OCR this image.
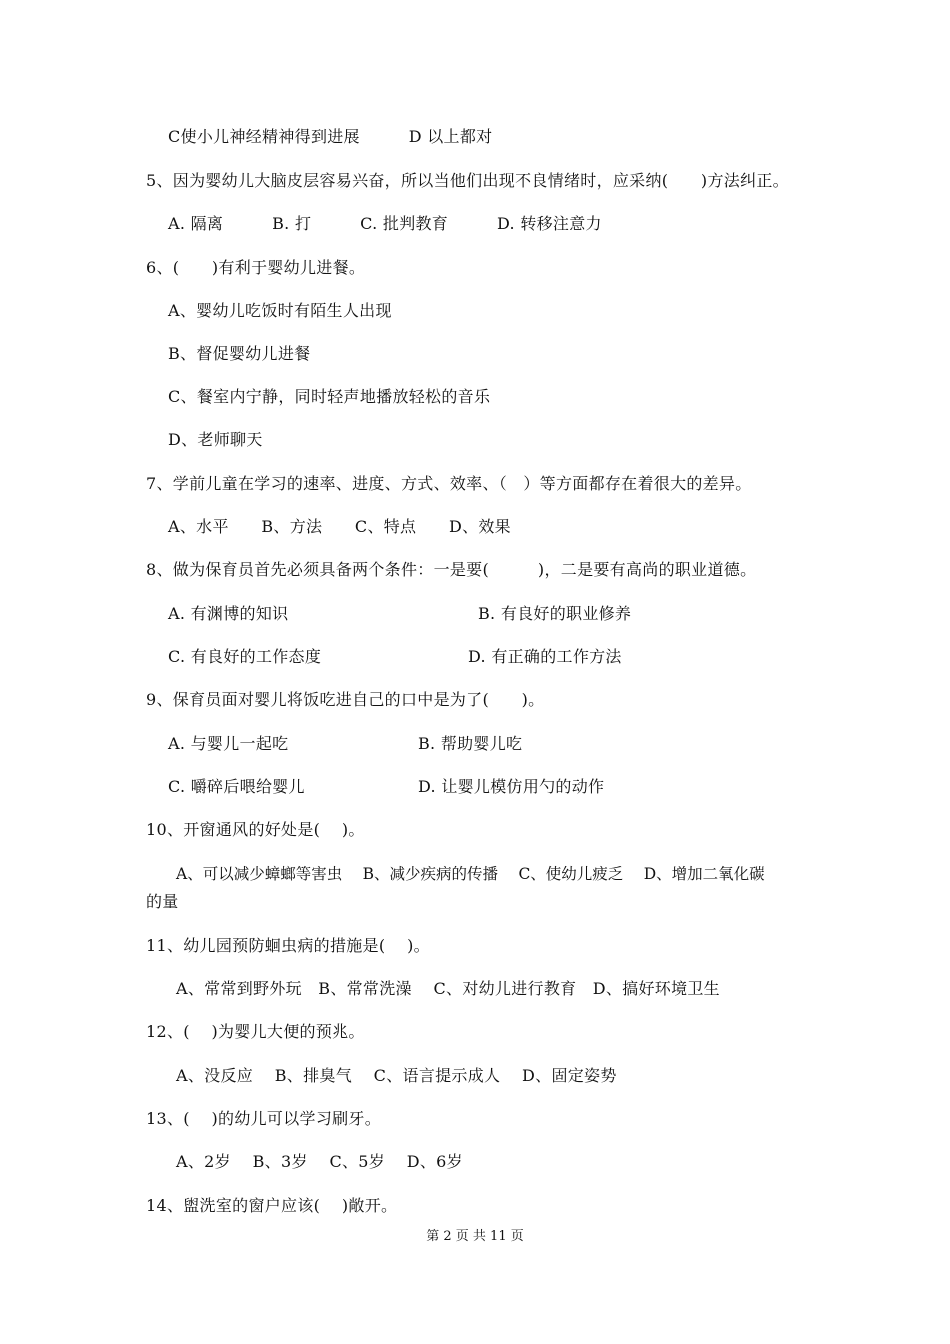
C使小儿神经精神得到进展　　　D 以上都对
5、因为婴幼儿大脑皮层容易兴奋，所以当他们出现不良情绪时，应采纳(　　)方法纠正。
A. 隔离　　　B. 打　　　C. 批判教育　　　D. 转移注意力
6、(　　)有利于婴幼儿进餐。
A、婴幼儿吃饭时有陌生人出现
B、督促婴幼儿进餐
C、餐室内宁静，同时轻声地播放轻松的音乐
D、老师聊天
7、学前儿童在学习的速率、进度、方式、效率、（　）等方面都存在着很大的差异。
A、水平　　B、方法　　C、特点　　D、效果
8、做为保育员首先必须具备两个条件：一是要(　　　)，二是要有高尚的职业道德。
A. 有渊博的知识	B. 有良好的职业修养
C. 有良好的工作态度	D. 有正确的工作方法
9、保育员面对婴儿将饭吃进自己的口中是为了(　　)。
A. 与婴儿一起吃	B. 帮助婴儿吃
C. 嚼碎后喂给婴儿	D. 让婴儿模仿用勺的动作
10、开窗通风的好处是(　 )。
A、可以减少蟑螂等害虫　 B、减少疾病的传播　 C、使幼儿疲乏　 D、增加二氧化碳
的量
11、幼儿园预防蛔虫病的措施是(　 )。
A、常常到野外玩　B、常常洗澡　 C、对幼儿进行教育　D、搞好环境卫生
12、(　 )为婴儿大便的预兆。
A、没反应　 B、排臭气　 C、语言提示成人　 D、固定姿势
13、(　 )的幼儿可以学习刷牙。
A、2岁　 B、3岁　 C、5岁　 D、6岁
14、盥洗室的窗户应该(　 )敞开。
第 2 页 共 11 页
